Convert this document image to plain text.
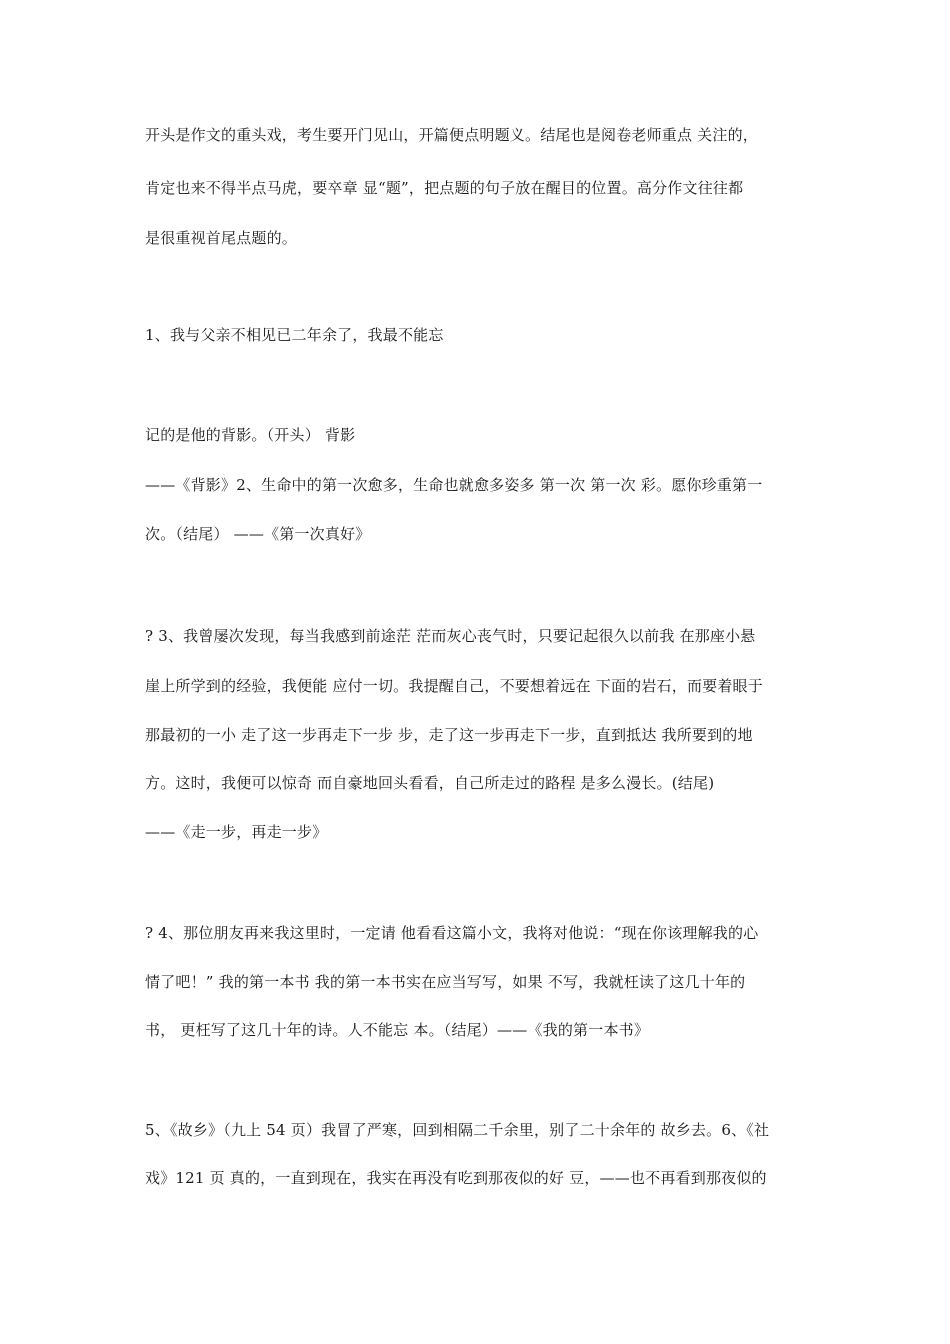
开头是作文的重头戏，考生要开门见山，开篇便点明题义。结尾也是阅卷老师重点 关注的，
肯定也来不得半点马虎，要卒章 显“题”，把点题的句子放在醒目的位置。高分作文往往都
是很重视首尾点题的。
1、我与父亲不相见已二年余了，我最不能忘
记的是他的背影。（开头） 背影
——《背影》2、生命中的第一次愈多，生命也就愈多姿多 第一次 第一次 彩。愿你珍重第一
次。（结尾） ——《第一次真好》
? 3、我曾屡次发现，每当我感到前途茫 茫而灰心丧气时，只要记起很久以前我 在那座小悬
崖上所学到的经验，我便能 应付一切。我提醒自己，不要想着远在 下面的岩石，而要着眼于
那最初的一小 走了这一步再走下一步 步，走了这一步再走下一步，直到抵达 我所要到的地
方。这时，我便可以惊奇 而自豪地回头看看，自己所走过的路程 是多么漫长。(结尾)
——《走一步，再走一步》
? 4、那位朋友再来我这里时，一定请 他看看这篇小文，我将对他说：“现在你该理解我的心
情了吧！” 我的第一本书 我的第一本书实在应当写写，如果 不写，我就枉读了这几十年的
书， 更枉写了这几十年的诗。人不能忘 本。（结尾）——《我的第一本书》
5、《故乡》（九上 54 页）我冒了严寒，回到相隔二千余里，别了二十余年的 故乡去。6、《社
戏》121 页 真的，一直到现在，我实在再没有吃到那夜似的好 豆，——也不再看到那夜似的
